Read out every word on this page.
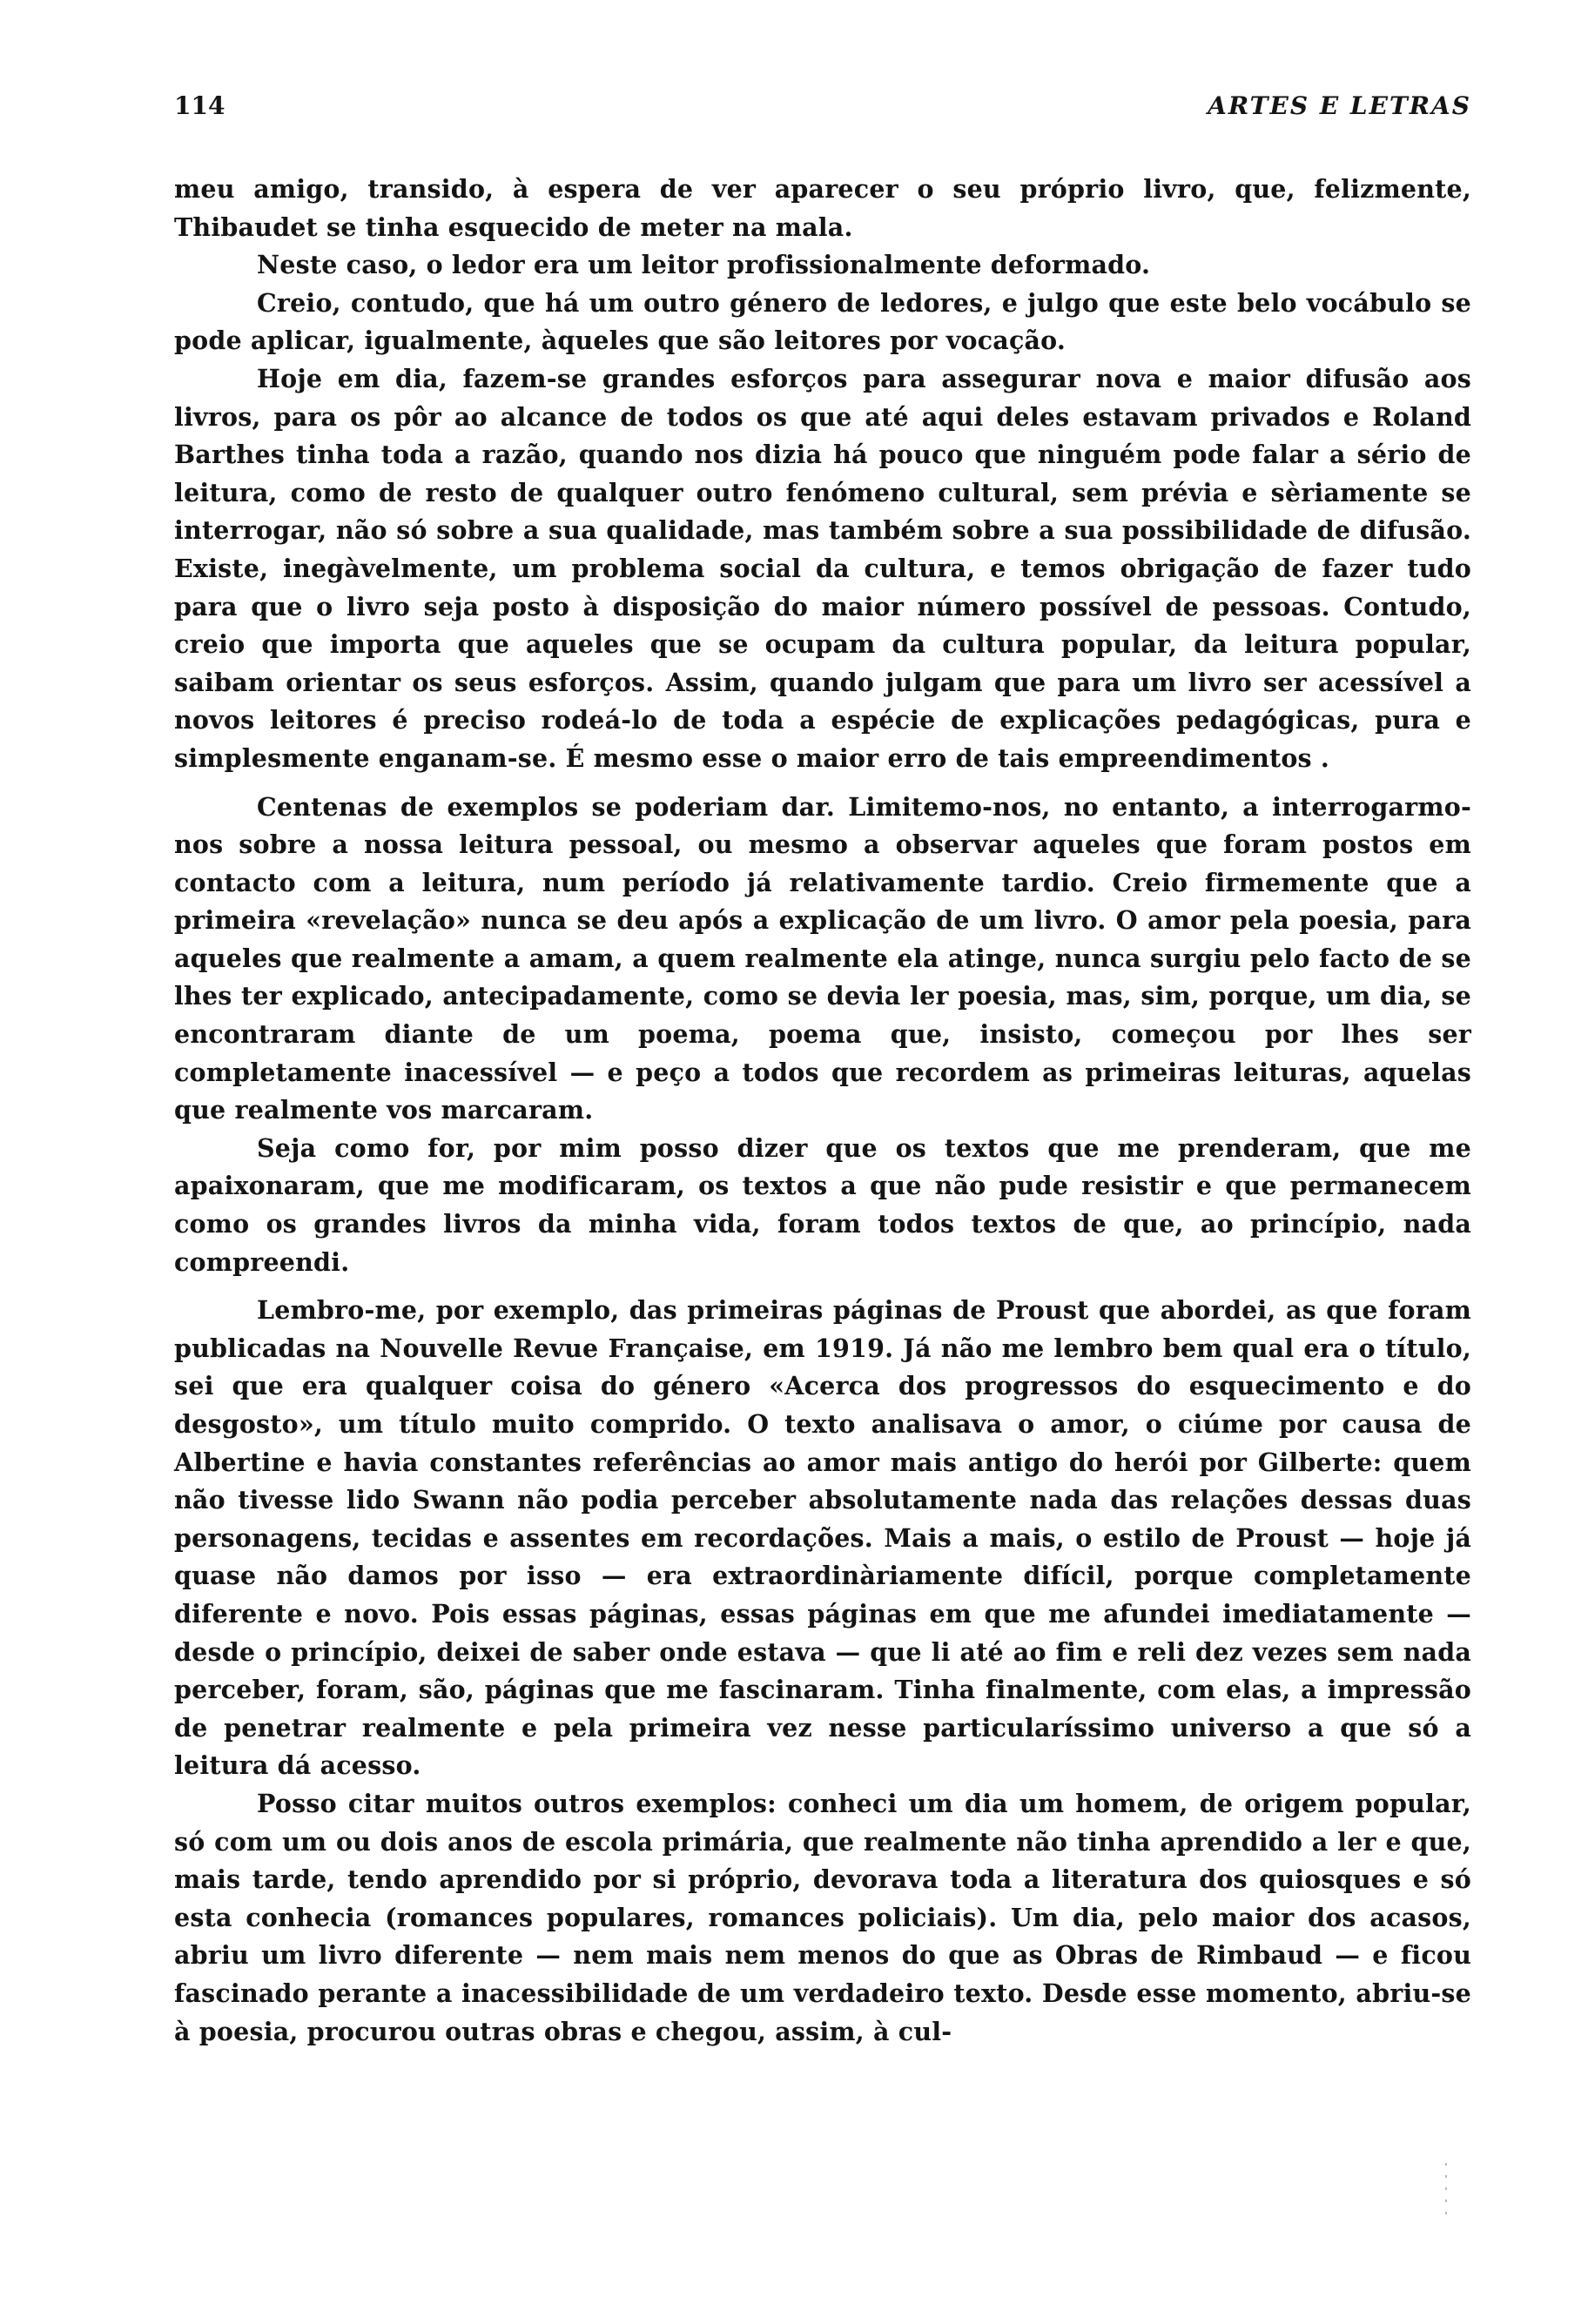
114	ARTES E LETRAS

meu amigo, transido, à espera de ver aparecer o seu próprio livro, que, felizmente, Thibaudet se tinha esquecido de meter na mala.

Neste caso, o ledor era um leitor profissionalmente deformado.

Creio, contudo, que há um outro género de ledores, e julgo que este belo vocábulo se pode aplicar, igualmente, àqueles que são leitores por vocação.

Hoje em dia, fazem-se grandes esforços para assegurar nova e maior difusão aos livros, para os pôr ao alcance de todos os que até aqui deles estavam privados e Roland Barthes tinha toda a razão, quando nos dizia há pouco que ninguém pode falar a sério de leitura, como de resto de qualquer outro fenómeno cultural, sem prévia e sèriamente se interrogar, não só sobre a sua qualidade, mas também sobre a sua possibilidade de difusão. Existe, inegàvelmente, um problema social da cultura, e temos obrigação de fazer tudo para que o livro seja posto à disposição do maior número possível de pessoas. Contudo, creio que importa que aqueles que se ocupam da cultura popular, da leitura popular, saibam orientar os seus esforços. Assim, quando julgam que para um livro ser acessível a novos leitores é preciso rodeá-lo de toda a espécie de explicações pedagógicas, pura e simplesmente enganam-se. É mesmo esse o maior erro de tais empreendimentos .

Centenas de exemplos se poderiam dar. Limitemo-nos, no entanto, a interrogarmo-nos sobre a nossa leitura pessoal, ou mesmo a observar aqueles que foram postos em contacto com a leitura, num período já relativamente tardio. Creio firmemente que a primeira «revelação» nunca se deu após a explicação de um livro. O amor pela poesia, para aqueles que realmente a amam, a quem realmente ela atinge, nunca surgiu pelo facto de se lhes ter explicado, antecipadamente, como se devia ler poesia, mas, sim, porque, um dia, se encontraram diante de um poema, poema que, insisto, começou por lhes ser completamente inacessível — e peço a todos que recordem as primeiras leituras, aquelas que realmente vos marcaram.

Seja como for, por mim posso dizer que os textos que me prenderam, que me apaixonaram, que me modificaram, os textos a que não pude resistir e que permanecem como os grandes livros da minha vida, foram todos textos de que, ao princípio, nada compreendi.

Lembro-me, por exemplo, das primeiras páginas de Proust que abordei, as que foram publicadas na Nouvelle Revue Française, em 1919. Já não me lembro bem qual era o título, sei que era qualquer coisa do género «Acerca dos progressos do esquecimento e do desgosto», um título muito comprido. O texto analisava o amor, o ciúme por causa de Albertine e havia constantes referências ao amor mais antigo do herói por Gilberte: quem não tivesse lido Swann não podia perceber absolutamente nada das relações dessas duas personagens, tecidas e assentes em recordações. Mais a mais, o estilo de Proust — hoje já quase não damos por isso — era extraordinàriamente difícil, porque completamente diferente e novo. Pois essas páginas, essas páginas em que me afundei imediatamente — desde o princípio, deixei de saber onde estava — que li até ao fim e reli dez vezes sem nada perceber, foram, são, páginas que me fascinaram. Tinha finalmente, com elas, a impressão de penetrar realmente e pela primeira vez nesse particularíssimo universo a que só a leitura dá acesso.

Posso citar muitos outros exemplos: conheci um dia um homem, de origem popular, só com um ou dois anos de escola primária, que realmente não tinha aprendido a ler e que, mais tarde, tendo aprendido por si próprio, devorava toda a literatura dos quiosques e só esta conhecia (romances populares, romances policiais). Um dia, pelo maior dos acasos, abriu um livro diferente — nem mais nem menos do que as Obras de Rimbaud — e ficou fascinado perante a inacessibilidade de um verdadeiro texto. Desde esse momento, abriu-se à poesia, procurou outras obras e chegou, assim, à cul-
